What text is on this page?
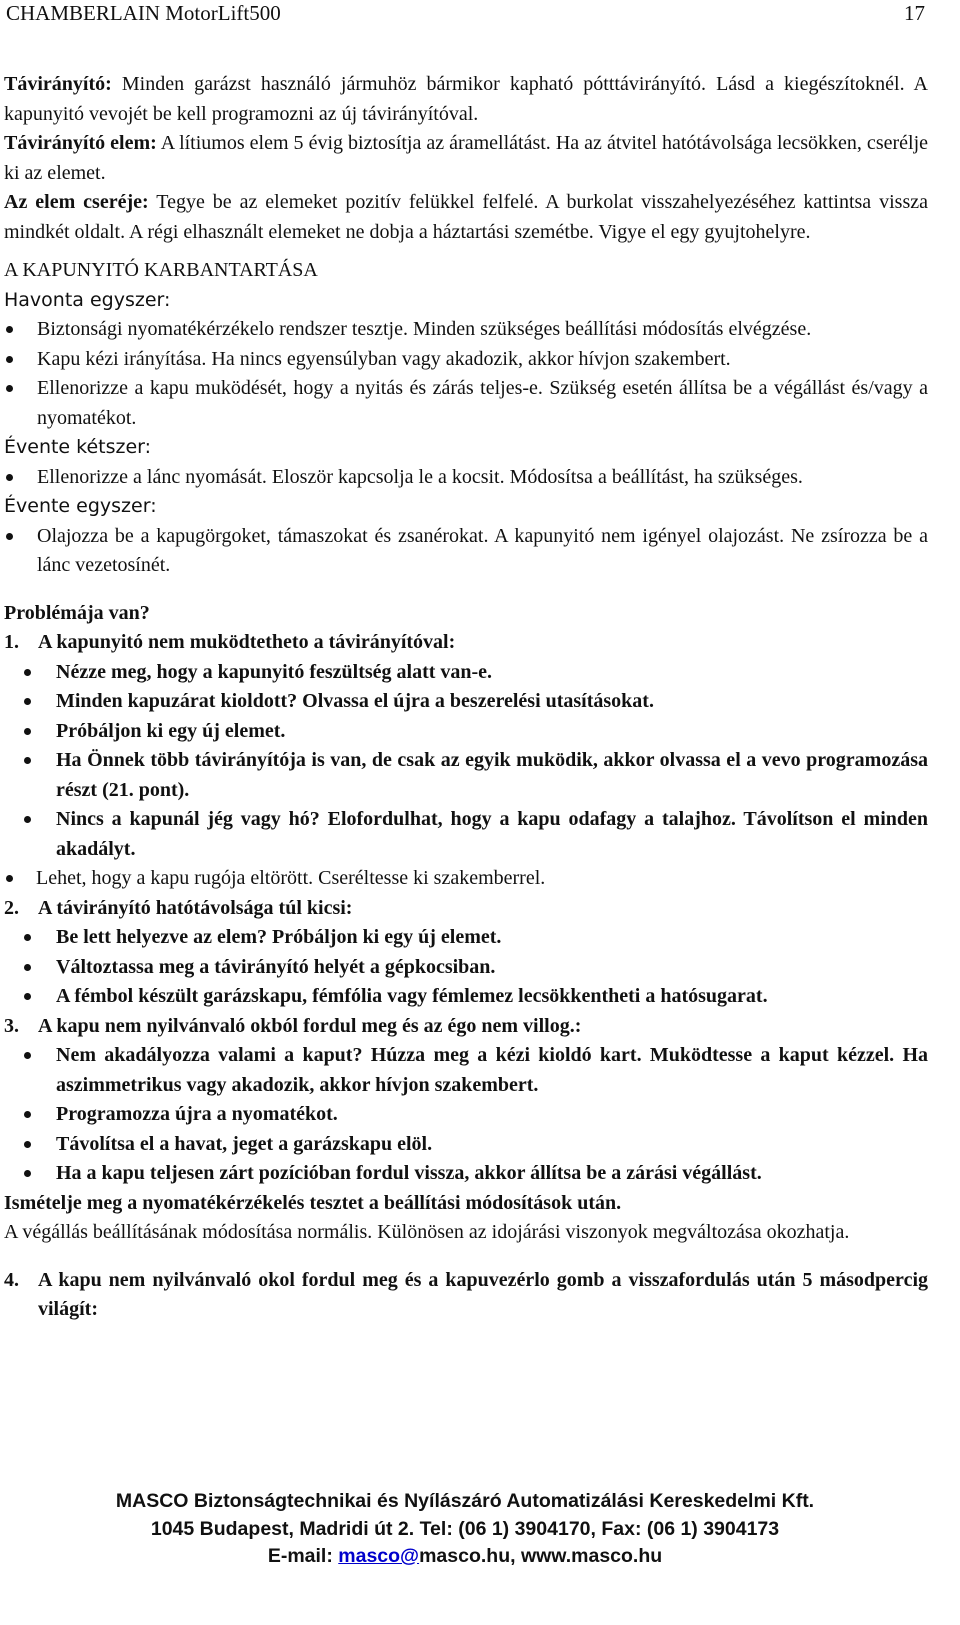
CHAMBERLAIN MotorLift500	17

Távirányító: Minden garázst használó jármuhöz bármikor kapható pótttávirányító. Lásd a kiegészítoknél. A kapunyitó vevojét be kell programozni az új távirányítóval.

Távirányító elem: A lítiumos elem 5 évig biztosítja az áramellátást. Ha az átvitel hatótávolsága lecsökken, cserélje ki az elemet.

Az elem cseréje: Tegye be az elemeket pozitív felükkel felfelé. A burkolat visszahelyezéséhez kattintsa vissza mindkét oldalt. A régi elhasznált elemeket ne dobja a háztartási szemétbe. Vigye el egy gyujtohelyre.

A KAPUNYITÓ KARBANTARTÁSA

Havonta egyszer:

Biztonsági nyomatékérzékelo rendszer tesztje. Minden szükséges beállítási módosítás elvégzése.
Kapu kézi irányítása. Ha nincs egyensúlyban vagy akadozik, akkor hívjon szakembert.
Ellenorizze a kapu muködését, hogy a nyitás és zárás teljes-e. Szükség esetén állítsa be a végállást és/vagy a nyomatékot.

Évente kétszer:

Ellenorizze a lánc nyomását. Eloször kapcsolja le a kocsit. Módosítsa a beállítást, ha szükséges.

Évente egyszer:

Olajozza be a kapugörgoket, támaszokat és zsanérokat. A kapunyitó nem igényel olajozást. Ne zsírozza be a lánc vezetosínét.

Problémája van?

1. A kapunyitó nem muködtetheto a távirányítóval:
Nézze meg, hogy a kapunyitó feszültség alatt van-e.
Minden kapuzárat kioldott? Olvassa el újra a beszerelési utasításokat.
Próbáljon ki egy új elemet.
Ha Önnek több távirányítója is van, de csak az egyik muködik, akkor olvassa el a vevo programozása részt (21. pont).
Nincs a kapunál jég vagy hó? Elofordulhat, hogy a kapu odafagy a talajhoz. Távolítson el minden akadályt.
Lehet, hogy a kapu rugója eltörött. Cseréltesse ki szakemberrel.
2. A távirányító hatótávolsága túl kicsi:
Be lett helyezve az elem? Próbáljon ki egy új elemet.
Változtassa meg a távirányító helyét a gépkocsiban.
A fémbol készült garázskapu, fémfólia vagy fémlemez lecsökkentheti a hatósugarat.
3. A kapu nem nyilvánvaló okból fordul meg és az égo nem villog.:
Nem akadályozza valami a kaput? Húzza meg a kézi kioldó kart. Muködtesse a kaput kézzel. Ha aszimmetrikus vagy akadozik, akkor hívjon szakembert.
Programozza újra a nyomatékot.
Távolítsa el a havat, jeget a garázskapu elöl.
Ha a kapu teljesen zárt pozícióban fordul vissza, akkor állítsa be a zárási végállást.

Ismételje meg a nyomatékérzékelés tesztet a beállítási módosítások után.

A végállás beállításának módosítása normális. Különösen az idojárási viszonyok megváltozása okozhatja.

4. A kapu nem nyilvánvaló okol fordul meg és a kapuvezérlo gomb a visszafordulás után 5 másodpercig világít:
MASCO Biztonságtechnikai és Nyílászáró Automatizálási Kereskedelmi Kft.
1045 Budapest, Madridi út 2. Tel: (06 1) 3904170, Fax: (06 1) 3904173
E-mail: masco@masco.hu, www.masco.hu
